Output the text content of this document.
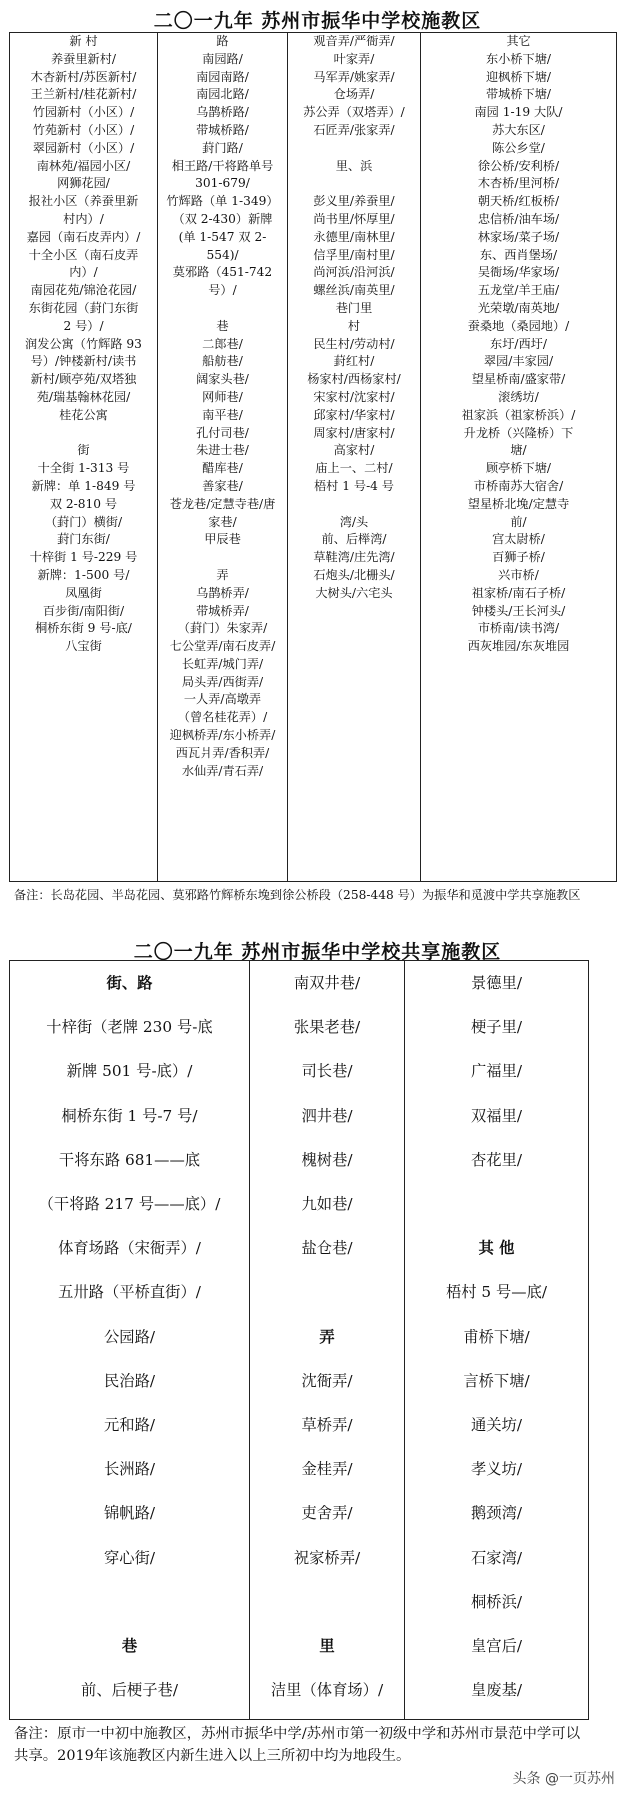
二〇一九年 苏州市振华中学校施教区
新 村
养蚕里新村/
木杏新村/苏医新村/
王兰新村/桂花新村/
竹园新村（小区）/
竹苑新村（小区）/
翠园新村（小区）/
南林苑/福园小区/
网狮花园/
报社小区（养蚕里新
村内）/
嘉园（南石皮弄内）/
十全小区（南石皮弄
内）/
南园花苑/锦沧花园/
东街花园（葑门东街
2 号）/
润发公寓（竹辉路 93
号）/钟楼新村/读书
新村/顾亭苑/双塔独
苑/瑞基翰林花园/
桂花公寓

街
十全街 1-313 号
新牌：单 1-849 号
双 2-810 号
（葑门）横街/
葑门东街/
十梓街 1 号-229 号
新牌：1-500 号/
凤凰街
百步街/南阳街/
桐桥东街 9 号-底/
八宝街
路
南园路/
南园南路/
南园北路/
乌鹊桥路/
带城桥路/
葑门路/
相王路/干将路单号
301-679/
竹辉路（单 1-349）
（双 2-430）新牌
(单 1-547 双 2-
554)/
莫邪路（451-742
号）/

巷
二郎巷/
船舫巷/
阔家头巷/
网师巷/
南平巷/
孔付司巷/
朱进士巷/
醋库巷/
善家巷/
苍龙巷/定慧寺巷/唐
家巷/
甲辰巷

弄
乌鹊桥弄/
带城桥弄/
（葑门）朱家弄/
七公堂弄/南石皮弄/
长虹弄/城门弄/
局头弄/西街弄/
一人弄/高墩弄
（曾名桂花弄）/
迎枫桥弄/东小桥弄/
西瓦爿弄/香积弄/
水仙弄/青石弄/
观音弄/严衙弄/
叶家弄/
马军弄/姚家弄/
仓场弄/
苏公弄（双塔弄）/
石匠弄/张家弄/

里、浜

彭义里/养蚕里/
尚书里/怀厚里/
永德里/南林里/
信孚里/南村里/
尚河浜/沿河浜/
螺丝浜/南英里/
巷门里
村
民生村/劳动村/
葑红村/
杨家村/西杨家村/
宋家村/沈家村/
邱家村/华家村/
周家村/唐家村/
高家村/
庙上一、二村/
梧村 1 号-4 号

湾/头
前、后榉湾/
草鞋湾/庄先湾/
石炮头/北栅头/
大树头/六宅头
其它
东小桥下塘/
迎枫桥下塘/
带城桥下塘/
南园 1-19 大队/
苏大东区/
陈公乡堂/
徐公桥/安利桥/
木杏桥/里河桥/
朝天桥/红板桥/
忠信桥/油车场/
林家场/菜子场/
东、西肖堡场/
吴衙场/华家场/
五龙堂/羊王庙/
光荣墩/南英地/
蚕桑地（桑园地）/
东圩/西圩/
翠园/丰家园/
望星桥南/盛家带/
滚绣坊/
祖家浜（祖家桥浜）/
升龙桥（兴隆桥）下
塘/
顾亭桥下塘/
市桥南苏大宿舍/
望星桥北堍/定慧寺
前/
宫太尉桥/
百狮子桥/
兴市桥/
祖家桥/南石子桥/
钟楼头/王长河头/
市桥南/读书湾/
西灰堆园/东灰堆园
备注：长岛花园、半岛花园、莫邪路竹辉桥东堍到徐公桥段（258-448 号）为振华和觅渡中学共享施教区
二〇一九年 苏州市振华中学校共享施教区
街、路
十梓街（老牌 230 号-底
新牌 501 号-底）/
桐桥东街 1 号-7 号/
干将东路 681——底
（干将路 217 号——底）/
体育场路（宋衙弄）/
五卅路（平桥直街）/
公园路/
民治路/
元和路/
长洲路/
锦帆路/
穿心街/

巷
前、后梗子巷/
南双井巷/
张果老巷/
司长巷/
泗井巷/
槐树巷/
九如巷/
盐仓巷/

弄
沈衙弄/
草桥弄/
金桂弄/
吏舍弄/
祝家桥弄/

里
洁里（体育场）/
景德里/
梗子里/
广福里/
双福里/
杏花里/

其 他
梧村 5 号—底/
甫桥下塘/
言桥下塘/
通关坊/
孝义坊/
鹅颈湾/
石家湾/
桐桥浜/
皇宫后/
皇废基/
备注：原市一中初中施教区，苏州市振华中学/苏州市第一初级中学和苏州市景范中学可以共享。2019年该施教区内新生进入以上三所初中均为地段生。
头条 @一页苏州
